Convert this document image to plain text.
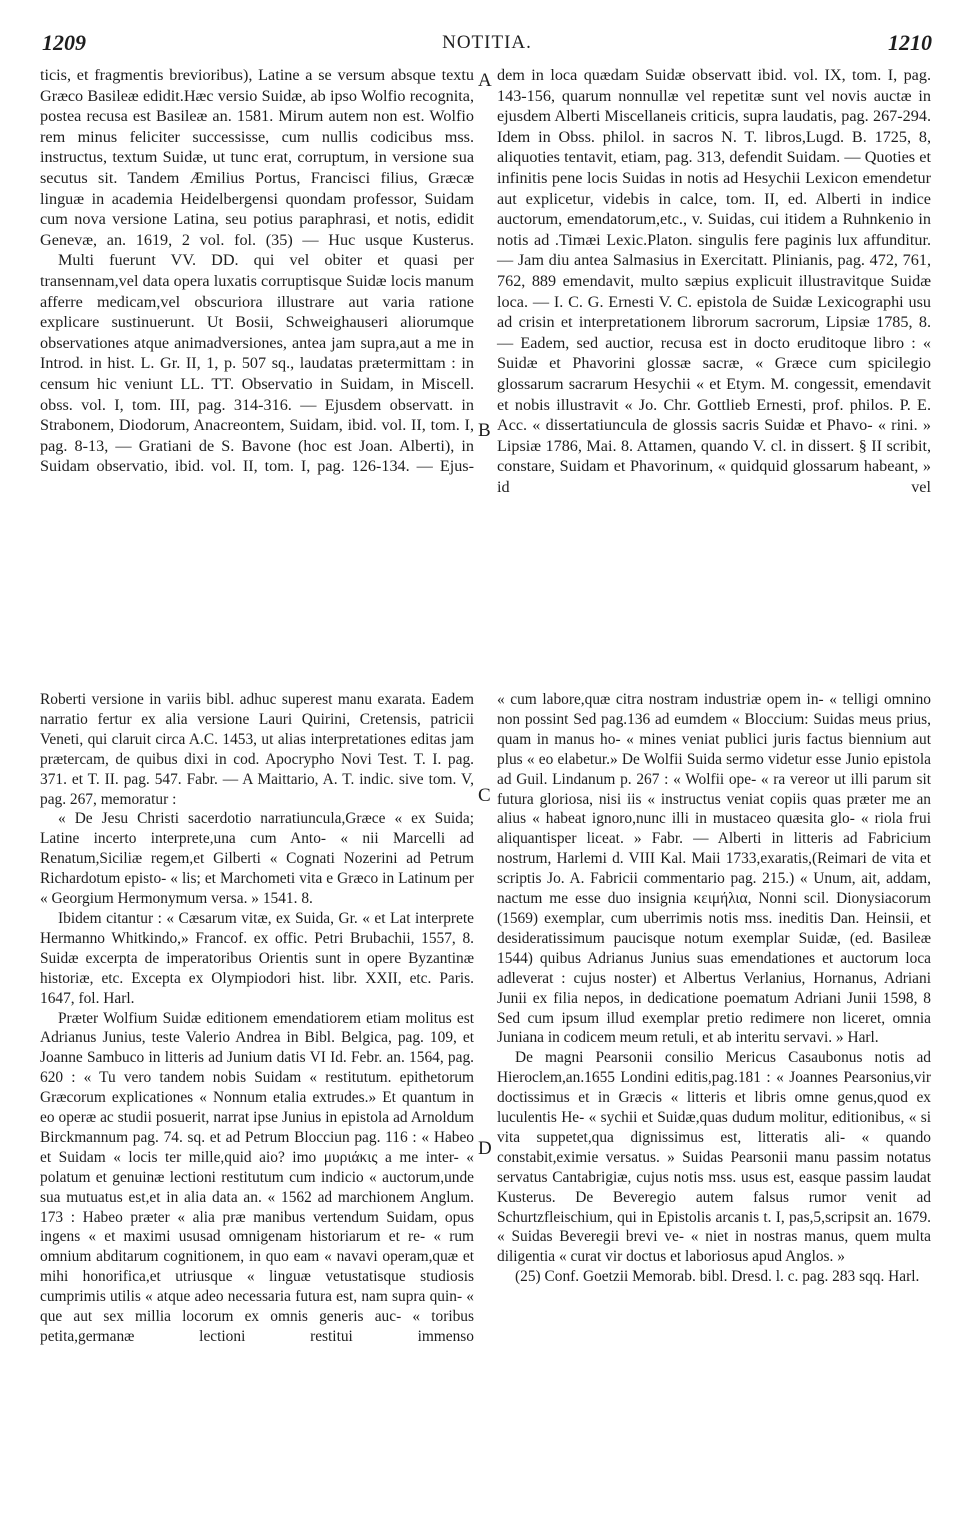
1209	NOTITIA.	1210

ticis, et fragmentis brevioribus), Latine a se versum absque textu Græco Basileæ edidit.Hæc versio Suidæ, ab ipso Wolfio recognita, postea recusa est Basileæ an. 1581. Mirum autem non est. Wolfio rem minus feliciter successisse, cum nullis codicibus mss. instructus, textum Suidæ, ut tunc erat, corruptum, in versione sua secutus sit. Tandem Æmilius Portus, Francisci filius, Græcæ linguæ in academia Heidelbergensi quondam professor, Suidam cum nova versione Latina, seu potius paraphrasi, et notis, edidit Genevæ, an. 1619, 2 vol. fol. (35) — Huc usque Kusterus.

Multi fuerunt VV. DD. qui vel obiter et quasi per transennam,vel data opera luxatis corruptisque Suidæ locis manum afferre medicam,vel obscuriora illustrare aut varia ratione explicare sustinuerunt. Ut Bosii, Schweighauseri aliorumque observationes atque animadversiones, antea jam supra,aut a me in Introd. in hist. L. Gr. II, 1, p. 507 sq., laudatas prætermittam : in censum hic veniunt LL. TT. Observatio in Suidam, in Miscell. obss. vol. I, tom. III, pag. 314-316. — Ejusdem observatt. in Strabonem, Diodorum, Anacreontem, Suidam, ibid. vol. II, tom. I, pag. 8-13, — Gratiani de S. Bavone (hoc est Joan. Alberti), in Suidam observatio, ibid. vol. II, tom. I, pag. 126-134. — Ejus-

dem in loca quædam Suidæ observatt ibid. vol. IX, tom. I, pag. 143-156, quarum nonnullæ vel repetitæ sunt vel novis auctæ in ejusdem Alberti Miscellaneis criticis, supra laudatis, pag. 267-294. Idem in Obss. philol. in sacros N. T. libros,Lugd. B. 1725, 8, aliquoties tentavit, etiam, pag. 313, defendit Suidam. — Quoties et infinitis pene locis Suidas in notis ad Hesychii Lexicon emendetur aut explicetur, videbis in calce, tom. II, ed. Alberti in indice auctorum, emendatorum,etc., v. Suidas, cui itidem a Ruhnkenio in notis ad .Timæi Lexic.Platon. singulis fere paginis lux affunditur. — Jam diu antea Salmasius in Exercitatt. Plinianis, pag. 472, 761, 762, 889 emendavit, multo sæpius explicuit illustravitque Suidæ loca. — I. C. G. Ernesti V. C. epistola de Suidæ Lexicographi usu ad crisin et interpretationem librorum sacrorum, Lipsiæ 1785, 8. — Eadem, sed auctior, recusa est in docto eruditoque libro : « Suidæ et Phavorini glossæ sacræ, « Græce cum spicilegio glossarum sacrarum Hesychii « et Etym. M. congessit, emendavit et nobis illustravit « Jo. Chr. Gottlieb Ernesti, prof. philos. P. E. Acc. « dissertatiuncula de glossis sacris Suidæ et Phavo- « rini. » Lipsiæ 1786, Mai. 8. Attamen, quando V. cl. in dissert. § II scribit, constare, Suidam et Phavorinum, « quidquid glossarum habeant, » id vel

Roberti versione in variis bibl. adhuc superest manu exarata. Eadem narratio fertur ex alia versione Lauri Quirini, Cretensis, patricii Veneti, qui claruit circa A.C. 1453, ut alias interpretationes editas jam prætercam, de quibus dixi in cod. Apocrypho Novi Test. T. I. pag. 371. et T. II. pag. 547. Fabr. — A Maittario, A. T. indic. sive tom. V, pag. 267, memoratur :

« De Jesu Christi sacerdotio narratiuncula,Græce « ex Suida; Latine incerto interprete,una cum Anto- « nii Marcelli ad Renatum,Siciliæ regem,et Gilberti « Cognati Nozerini ad Petrum Richardotum episto- « lis; et Marchometi vita e Græco in Latinum per « Georgium Hermonymum versa. » 1541. 8.

Ibidem citantur : « Cæsarum vitæ, ex Suida, Gr. « et Lat interprete Hermanno Whitkindo,» Francof. ex offic. Petri Brubachii, 1557, 8. Suidæ excerpta de imperatoribus Orientis sunt in opere Byzantinæ historiæ, etc. Excepta ex Olympiodori hist. libr. XXII, etc. Paris. 1647, fol. Harl.

Præter Wolfium Suidæ editionem emendatiorem etiam molitus est Adrianus Junius, teste Valerio Andrea in Bibl. Belgica, pag. 109, et Joanne Sambuco in litteris ad Junium datis VI Id. Febr. an. 1564, pag. 620 : « Tu vero tandem nobis Suidam « restitutum. epithetorum Græcorum explicationes « Nonnum etalia extrudes.» Et quantum in eo operæ ac studii posuerit, narrat ipse Junius in epistola ad Arnoldum Birckmannum pag. 74. sq. et ad Petrum Blocciun pag. 116 : « Habeo et Suidam « locis ter mille,quid aio? imo μυριάκις a me inter- « polatum et genuinæ lectioni restitutum cum indicio « auctorum,unde sua mutuatus est,et in alia data an. « 1562 ad marchionem Anglum. 173 : Habeo præter « alia præ manibus vertendum Suidam, opus ingens « et maximi ususad omnigenam historiarum et re- « rum omnium abditarum cognitionem, in quo eam « navavi operam,quæ et mihi honorifica,et utriusque « linguæ vetustatisque studiosis cumprimis utilis « atque adeo necessaria futura est, nam supra quin- « que aut sex millia locorum ex omnis generis auc- « toribus petita,germanæ lectioni restitui immenso

« cum labore,quæ citra nostram industriæ opem in- « telligi omnino non possint Sed pag.136 ad eumdem « Bloccium: Suidas meus prius, quam in manus ho- « mines veniat publici juris factus biennium aut plus « eo elabetur.» De Wolfii Suida sermo videtur esse Junio epistola ad Guil. Lindanum p. 267 : « Wolfii ope- « ra vereor ut illi parum sit futura gloriosa, nisi iis « instructus veniat copiis quas præter me an alius « habeat ignoro,nunc illi in mustaceo quæsita glo- « riola frui aliquantisper liceat. » Fabr. — Alberti in litteris ad Fabricium nostrum, Harlemi d. VIII Kal. Maii 1733,exaratis,(Reimari de vita et scriptis Jo. A. Fabricii commentario pag. 215.) « Unum, ait, addam, nactum me esse duo insignia κειμήλια, Nonni scil. Dionysiacorum (1569) exemplar, cum uberrimis notis mss. ineditis Dan. Heinsii, et desideratissimum paucisque notum exemplar Suidæ, (ed. Basileæ 1544) quibus Adrianus Junius suas emendationes et auctorum loca adleverat : cujus noster) et Albertus Verlanius, Hornanus, Adriani Junii ex filia nepos, in dedicatione poematum Adriani Junii 1598, 8 Sed cum ipsum illud exemplar pretio redimere non liceret, omnia Juniana in codicem meum retuli, et ab interitu servavi. » Harl.

De magni Pearsonii consilio Mericus Casaubonus notis ad Hieroclem,an.1655 Londini editis,pag.181 : « Joannes Pearsonius,vir doctissimus et in Græcis « litteris et libris omne genus,quod ex luculentis He- « sychii et Suidæ,quas dudum molitur, editionibus, « si vita suppetet,qua dignissimus est, litteratis ali- « quando constabit,eximie versatus. » Suidas Pearsonii manu passim notatus servatus Cantabrigiæ, cujus notis mss. usus est, easque passim laudat Kusterus. De Beveregio autem falsus rumor venit ad Schurtzfleischium, qui in Epistolis arcanis t. I, pas,5,scripsit an. 1679. « Suidas Beveregii brevi ve- « niet in nostras manus, quem multa diligentia « curat vir doctus et laboriosus apud Anglos. »

(25) Conf. Goetzii Memorab. bibl. Dresd. l. c. pag. 283 sqq. Harl.

A
B
C
D
